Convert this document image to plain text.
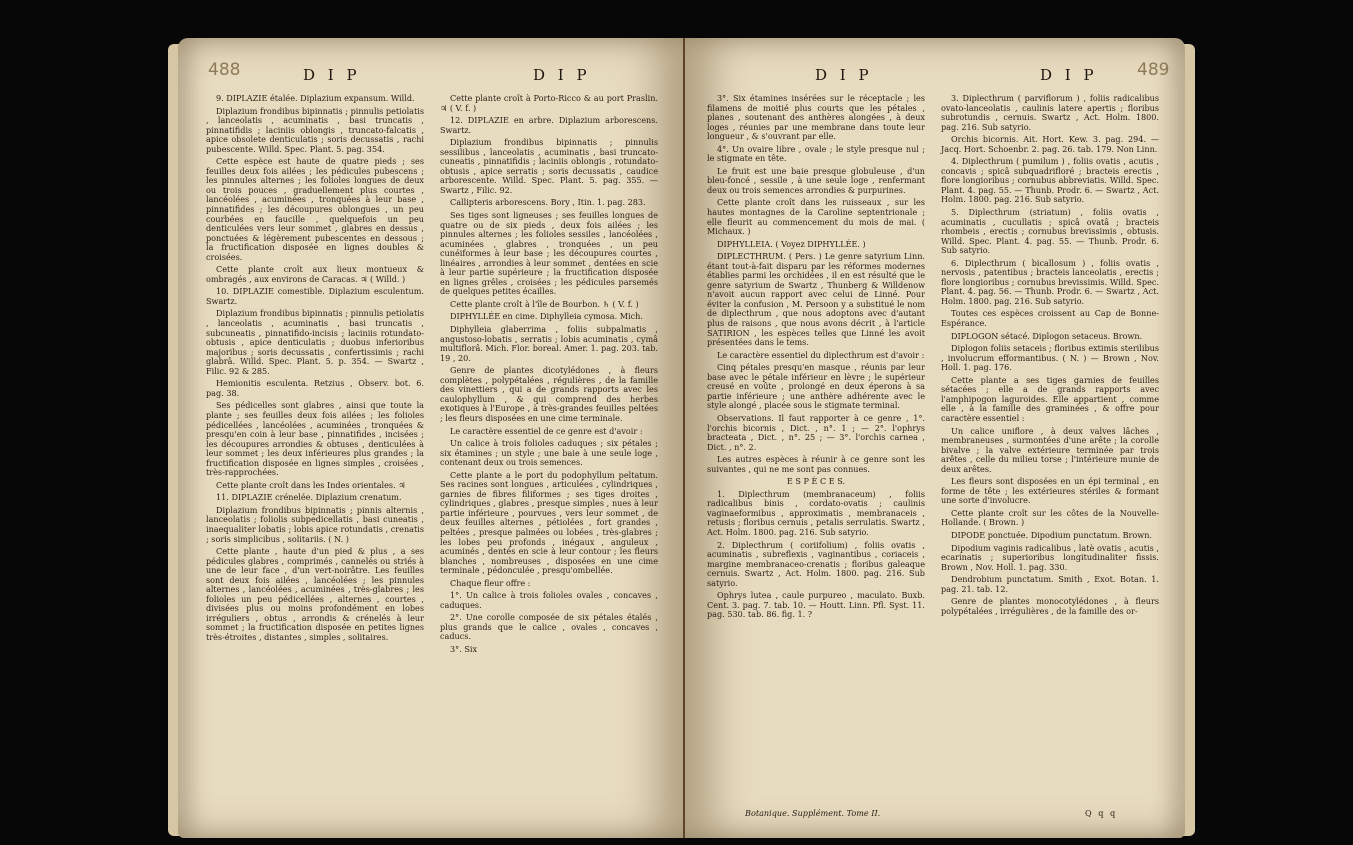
488	D I P	D I P

9. DIPLAZIE étalée. Diplazium expansum. Willd.

Diplazium frondibus bipinnatis ; pinnulis petiolatis , lanceolatis , acuminatis , basi truncatis , pinnatifidis ; laciniis oblongis , truncato-falcatis , apice obsolete denticulatis ; soris decussatis , rachi pubescente. Willd. Spec. Plant. 5. pag. 354.

Cette espèce est haute de quatre pieds ; ses feuilles deux fois ailées ; les pédicules pubescens ; les pinnules alternes ; les folioles longues de deux ou trois pouces , graduellement plus courtes , lancéolées , acuminées , tronquées à leur base , pinnatifides ; les découpures oblongues , un peu courbées en faucille , quelquefois un peu denticulées vers leur sommet , glabres en dessus , ponctuées & légèrement pubescentes en dessous ; la fructification disposée en lignes doubles & croisées.

Cette plante croît aux lieux montueux & ombragés , aux environs de Caracas. ♃ ( Willd. )

10. DIPLAZIE comestible. Diplazium esculentum. Swartz.

Diplazium frondibus bipinnatis ; pinnulis petiolatis , lanceolatis , acuminatis , basi truncatis , subcuneatis , pinnatifido-incisis ; laciniis rotundato-obtusis , apice denticulatis ; duobus inferioribus majoribus ; soris decussatis , confertissimis ; rachi glabrâ. Willd. Spec. Plant. 5. p. 354. — Swartz , Filic. 92 & 285.

Hemionitis esculenta. Retzius , Observ. bot. 6. pag. 38.

Ses pédicelles sont glabres , ainsi que toute la plante ; ses feuilles deux fois ailées ; les folioles pédicellées , lancéolées , acuminées , tronquées & presqu'en coin à leur base , pinnatifides , incisées ; les découpures arrondies & obtuses , denticulées à leur sommet ; les deux inférieures plus grandes ; la fructification disposée en lignes simples , croisées , très-rapprochées.

Cette plante croît dans les Indes orientales. ♃

11. DIPLAZIE crénelée. Diplazium crenatum.

Diplazium frondibus bipinnatis ; pinnis alternis , lanceolatis ; foliolis subpedicellatis , basi cuneatis , inaequaliter lobatis ; lobis apice rotundatis , crenatis ; soris simplicibus , solitariis. ( N. )

Cette plante , haute d'un pied & plus , a ses pédicules glabres , comprimés , cannelés ou striés à une de leur face , d'un vert-noirâtre. Les feuilles sont deux fois ailées , lancéolées ; les pinnules alternes , lancéolées , acuminées , très-glabres ; les folioles un peu pédicellées , alternes , courtes , divisées plus ou moins profondément en lobes irréguliers , obtus , arrondis & crénelés à leur sommet ; la fructification disposée en petites lignes très-étroites , distantes , simples , solitaires.

Cette plante croît à Porto-Ricco & au port Praslin. ♃ ( V. f. )

12. DIPLAZIE en arbre. Diplazium arborescens. Swartz.

Diplazium frondibus bipinnatis ; pinnulis sessilibus , lanceolatis , acuminatis , basi truncato-cuneatis , pinnatifidis ; laciniis oblongis , rotundato-obtusis , apice serratis ; soris decussatis , caudice arborescente. Willd. Spec. Plant. 5. pag. 355. — Swartz , Filic. 92.

Callipteris arborescens. Bory , Itin. 1. pag. 283.

Ses tiges sont ligneuses ; ses feuilles longues de quatre ou de six pieds , deux fois ailées ; les pinnules alternes ; les folioles sessiles , lancéolées , acuminées , glabres , tronquées , un peu cunéiformes à leur base ; les découpures courtes , linéaires , arrondies à leur sommet , dentées en scie à leur partie supérieure ; la fructification disposée en lignes grêles , croisées ; les pédicules parsemés de quelques petites écailles.

Cette plante croît à l'île de Bourbon. ♄ ( V. f. )

DIPHYLLÉE en cime. Diphylleia cymosa. Mich.

Diphylleia glaberrima , foliis subpalmatis , angustoso-lobatis , serratis ; lobis acuminatis , cymâ multiflorâ. Mich. Flor. boreal. Amer. 1. pag. 203. tab. 19 , 20.

Genre de plantes dicotylédones , à fleurs complètes , polypétalées , régulières , de la famille des vinettiers , qui a de grands rapports avec les caulophyllum , & qui comprend des herbes exotiques à l'Europe , à très-grandes feuilles peltées ; les fleurs disposées en une cime terminale.

Le caractère essentiel de ce genre est d'avoir :

Un calice à trois folioles caduques ; six pétales ; six étamines ; un style ; une baie à une seule loge , contenant deux ou trois semences.

Cette plante a le port du podophyllum peltatum. Ses racines sont longues , articulées , cylindriques , garnies de fibres filiformes ; ses tiges droites , cylindriques , glabres , presque simples , nues à leur partie inférieure , pourvues , vers leur sommet , de deux feuilles alternes , pétiolées , fort grandes , peltées , presque palmées ou lobées , très-glabres ; les lobes peu profonds , inégaux , anguleux , acuminés , dentés en scie à leur contour ; les fleurs blanches , nombreuses , disposées en une cime terminale , pédonculée , presqu'ombellée.

Chaque fleur offre :

1°. Un calice à trois folioles ovales , concaves , caduques.

2°. Une corolle composée de six pétales étalés , plus grands que le calice , ovales , concaves , caducs.

3°. Six

D I P	D I P 489

3°. Six étamines insérées sur le réceptacle ; les filamens de moitié plus courts que les pétales , planes , soutenant des anthères alongées , à deux loges , réunies par une membrane dans toute leur longueur , & s'ouvrant par elle.

4°. Un ovaire libre , ovale ; le style presque nul ; le stigmate en tête.

Le fruit est une baie presque globuleuse , d'un bleu-foncé , sessile , à une seule loge , renfermant deux ou trois semences arrondies & purpurines.

Cette plante croît dans les ruisseaux , sur les hautes montagnes de la Caroline septentrionale ; elle fleurit au commencement du mois de mai. ( Michaux. )

DIPHYLLEIA. ( Voyez DIPHYLLÉE. )

DIPLECTHRUM. ( Pers. ) Le genre satyrium Linn. étant tout-à-fait disparu par les réformes modernes établies parmi les orchidées , il en est résulté que le genre satyrium de Swartz , Thunberg & Willdenow n'avoit aucun rapport avec celui de Linné. Pour éviter la confusion , M. Persoon y a substitué le nom de diplecthrum , que nous adoptons avec d'autant plus de raisons , que nous avons décrit , à l'article SATIRION , les espèces telles que Linné les avoit présentées dans le tems.

Le caractère essentiel du diplecthrum est d'avoir :

Cinq pétales presqu'en masque , réunis par leur base avec le pétale inférieur en lèvre ; le supérieur creusé en voûte , prolongé en deux éperons à sa partie inférieure ; une anthère adhérente avec le style alongé , placée sous le stigmate terminal.

Observations. Il faut rapporter à ce genre , 1°. l'orchis bicornis , Dict. , n°. 1 ; — 2°. l'ophrys bracteata , Dict. , n°. 25 ; — 3°. l'orchis carnea , Dict. , n°. 2.

Les autres espèces à réunir à ce genre sont les suivantes , qui ne me sont pas connues.

E S P È C E S.

1. Diplecthrum (membranaceum) , foliis radicalibus binis , cordato-ovatis ; caulinis vaginaeformibus , approximatis , membranaceis , retusis ; floribus cernuis , petalis serrulatis. Swartz , Act. Holm. 1800. pag. 216. Sub satyrio.

2. Diplecthrum ( coriifolium) , foliis ovatis , acuminatis , subreflexis , vaginantibus , coriaceis , margine membranaceo-crenatis ; floribus galeaque cernuis. Swartz , Act. Holm. 1800. pag. 216. Sub satyrio.

Ophrys lutea , caule purpureo , maculato. Buxb. Cent. 3. pag. 7. tab. 10. — Houtt. Linn. Pfl. Syst. 11. pag. 530. tab. 86. fig. 1. ?

3. Diplecthrum ( parviflorum ) , foliis radicalibus ovato-lanceolatis , caulinis latere apertis ; floribus subrotundis , cernuis. Swartz , Act. Holm. 1800. pag. 216. Sub satyrio.

Orchis bicornis. Ait. Hort. Kew. 3. pag. 294. — Jacq. Hort. Schoenbr. 2. pag. 26. tab. 179. Non Linn.

4. Diplecthrum ( pumilum ) , foliis ovatis , acutis , concavis ; spicâ subquadrifloré ; bracteis erectis , flore longioribus ; cornubus abbreviatis. Willd. Spec. Plant. 4. pag. 55. — Thunb. Prodr. 6. — Swartz , Act. Holm. 1800. pag. 216. Sub satyrio.

5. Diplecthrum (striatum) , foliis ovatis , acuminatis , cucullatis ; spicâ ovatâ ; bracteis rhombeis , erectis ; cornubus brevissimis , obtusis. Willd. Spec. Plant. 4. pag. 55. — Thunb. Prodr. 6. Sub satyrio.

6. Diplecthrum ( bicallosum ) , foliis ovatis , nervosis , patentibus ; bracteis lanceolatis , erectis ; flore longioribus ; cornubus brevissimis. Willd. Spec. Plant. 4. pag. 56. — Thunb. Prodr. 6. — Swartz , Act. Holm. 1800. pag. 216. Sub satyrio.

Toutes ces espèces croissent au Cap de Bonne-Espérance.

DIPLOGON sétacé. Diplogon setaceus. Brown.

Diplogon foliis setaceis ; floribus extimis sterilibus , involucrum efformantibus. ( N. ) — Brown , Nov. Holl. 1. pag. 176.

Cette plante a ses tiges garnies de feuilles sétacées ; elle a de grands rapports avec l'amphipogon laguroides. Elle appartient , comme elle , à la famille des graminées , & offre pour caractère essentiel :

Un calice uniflore , à deux valves lâches , membraneuses , surmontées d'une arête ; la corolle bivalve ; la valve extérieure terminée par trois arêtes , celle du milieu torse ; l'intérieure munie de deux arêtes.

Les fleurs sont disposées en un épi terminal , en forme de tête ; les extérieures stériles & formant une sorte d'involucre.

Cette plante croît sur les côtes de la Nouvelle-Hollande. ( Brown. )

DIPODE ponctuée. Dipodium punctatum. Brown.

Dipodium vaginis radicalibus , latè ovatis , acutis , ecarinatis ; superioribus longitudinaliter fissis. Brown , Nov. Holl. 1. pag. 330.

Dendrobium punctatum. Smith , Exot. Botan. 1. pag. 21. tab. 12.

Genre de plantes monocotylédones , à fleurs polypétalées , irrégulières , de la famille des or-

Botanique. Supplément. Tome II.	Q q q
